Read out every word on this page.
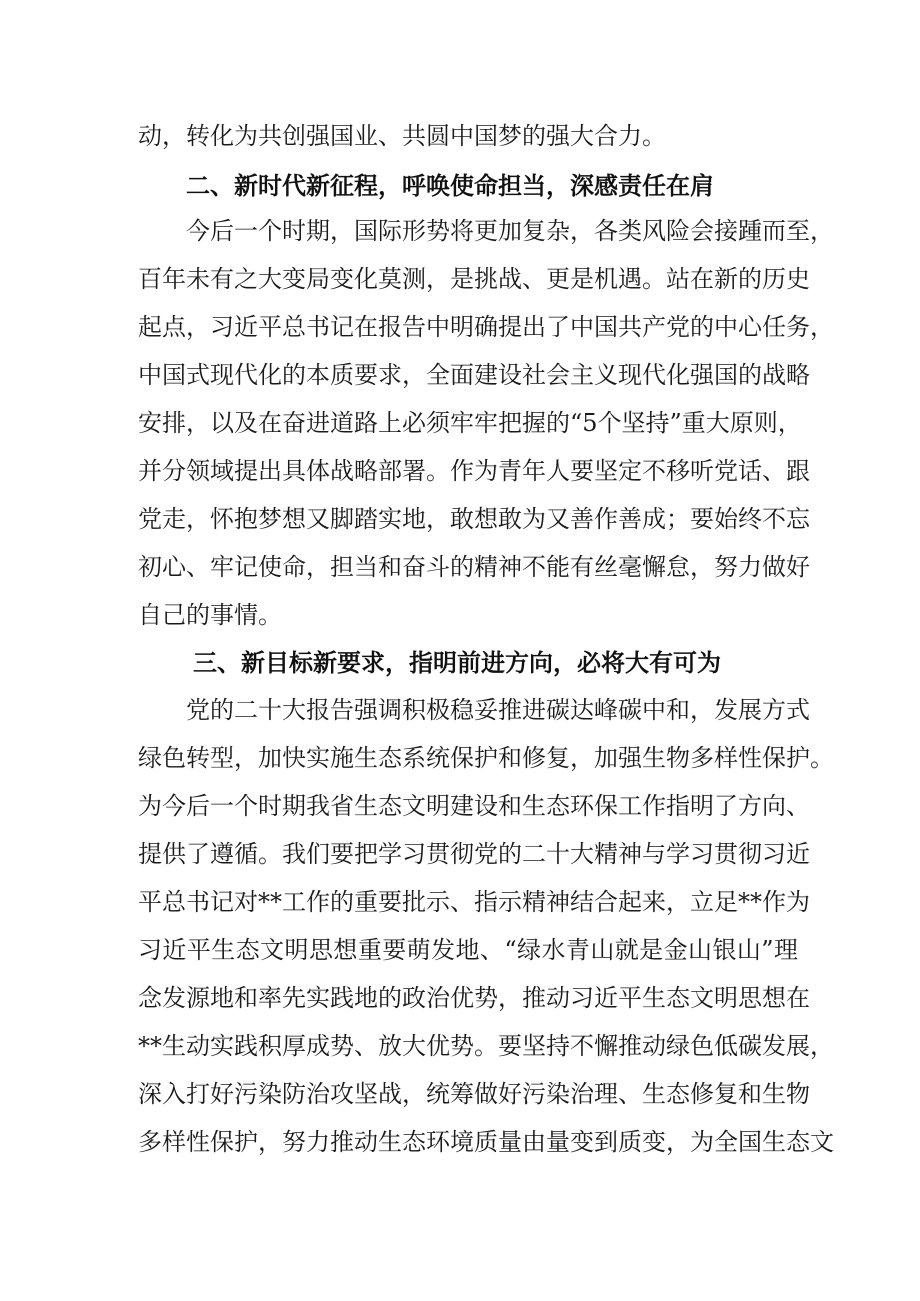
动，转化为共创强国业、共圆中国梦的强大合力。
二、新时代新征程，呼唤使命担当，深感责任在肩
今后一个时期，国际形势将更加复杂，各类风险会接踵而至，
百年未有之大变局变化莫测，是挑战、更是机遇。站在新的历史
起点，习近平总书记在报告中明确提出了中国共产党的中心任务，
中国式现代化的本质要求，全面建设社会主义现代化强国的战略
安排，以及在奋进道路上必须牢牢把握的“5个坚持”重大原则，
并分领域提出具体战略部署。作为青年人要坚定不移听党话、跟
党走，怀抱梦想又脚踏实地，敢想敢为又善作善成；要始终不忘
初心、牢记使命，担当和奋斗的精神不能有丝毫懈怠，努力做好
自己的事情。
三、新目标新要求，指明前进方向，必将大有可为
党的二十大报告强调积极稳妥推进碳达峰碳中和，发展方式
绿色转型，加快实施生态系统保护和修复，加强生物多样性保护。
为今后一个时期我省生态文明建设和生态环保工作指明了方向、
提供了遵循。我们要把学习贯彻党的二十大精神与学习贯彻习近
平总书记对**工作的重要批示、指示精神结合起来，立足**作为
习近平生态文明思想重要萌发地、“绿水青山就是金山银山”理
念发源地和率先实践地的政治优势，推动习近平生态文明思想在
**生动实践积厚成势、放大优势。要坚持不懈推动绿色低碳发展，
深入打好污染防治攻坚战，统筹做好污染治理、生态修复和生物
多样性保护，努力推动生态环境质量由量变到质变，为全国生态文
